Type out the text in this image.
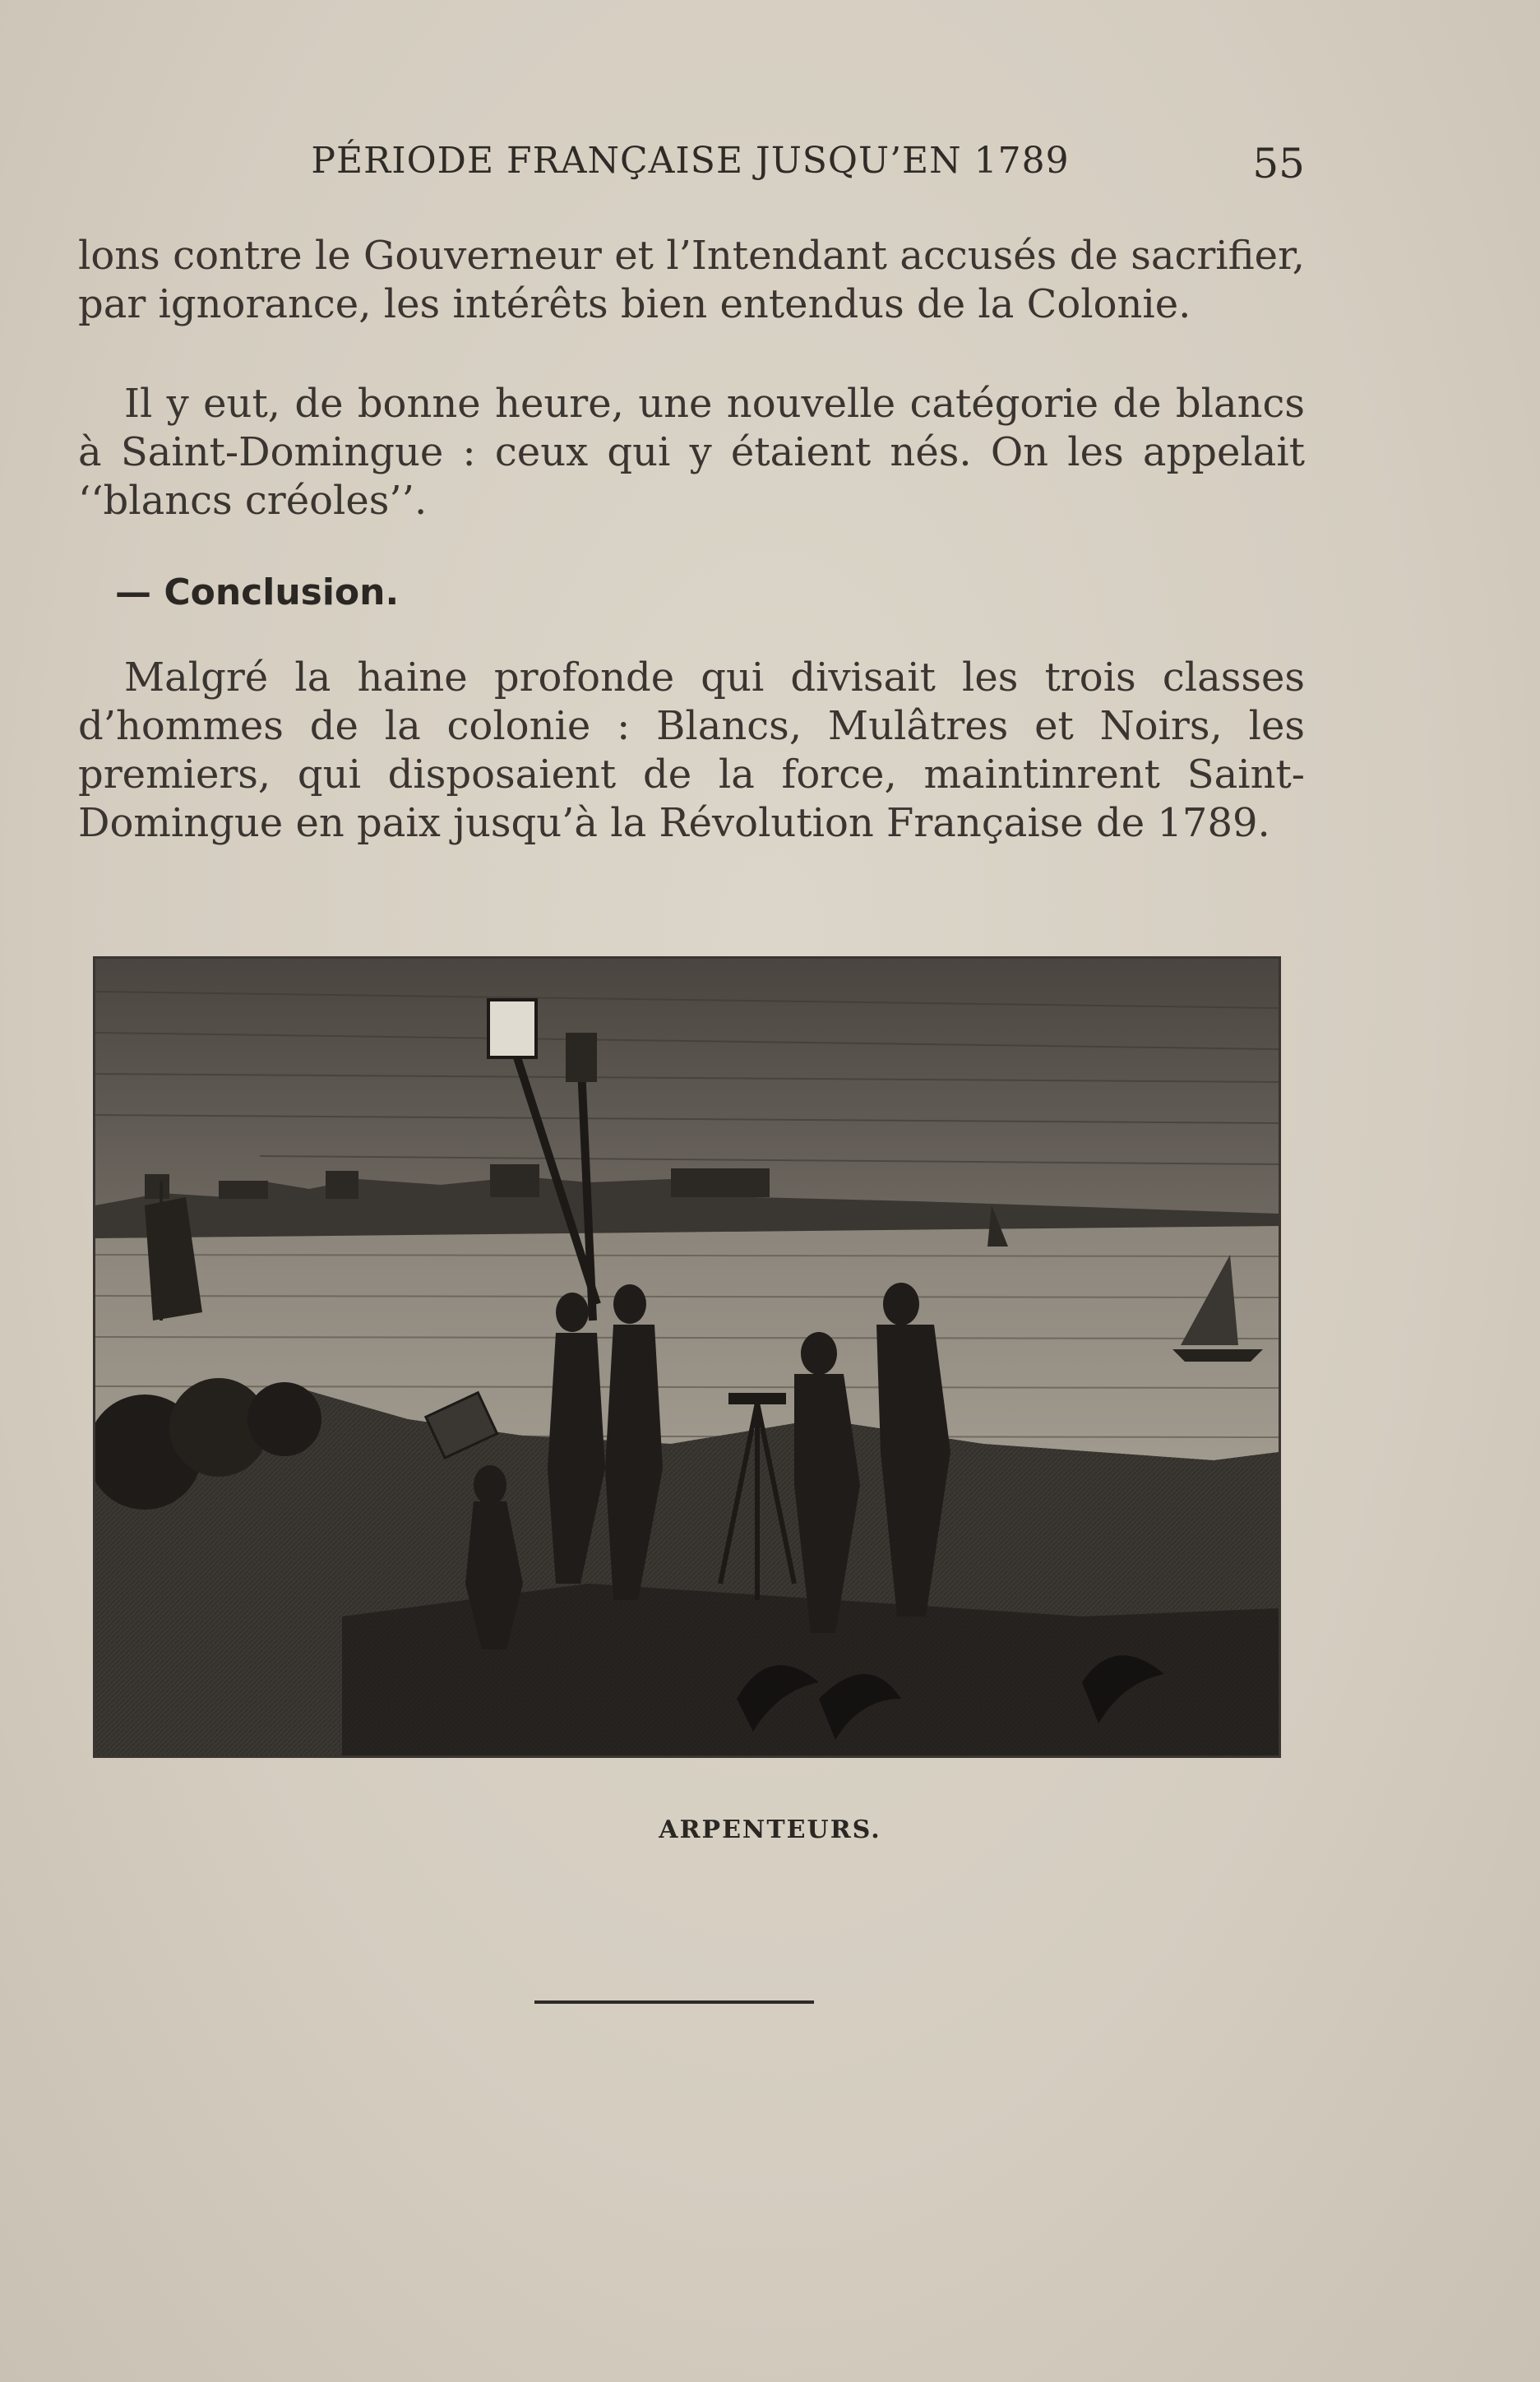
PÉRIODE FRANÇAISE JUSQU’EN 1789	55

lons contre le Gouverneur et l’Intendant accusés de sacrifier, par ignorance, les intérêts bien entendus de la Colonie.

Il y eut, de bonne heure, une nouvelle catégorie de blancs à Saint-Domingue : ceux qui y étaient nés. On les appelait ‘‘blancs créoles’’.

— Conclusion.

Malgré la haine profonde qui divisait les trois classes d’hommes de la colonie : Blancs, Mulâtres et Noirs, les premiers, qui disposaient de la force, maintinrent Saint-Domingue en paix jusqu’à la Révolution Française de 1789.

ARPENTEURS.
